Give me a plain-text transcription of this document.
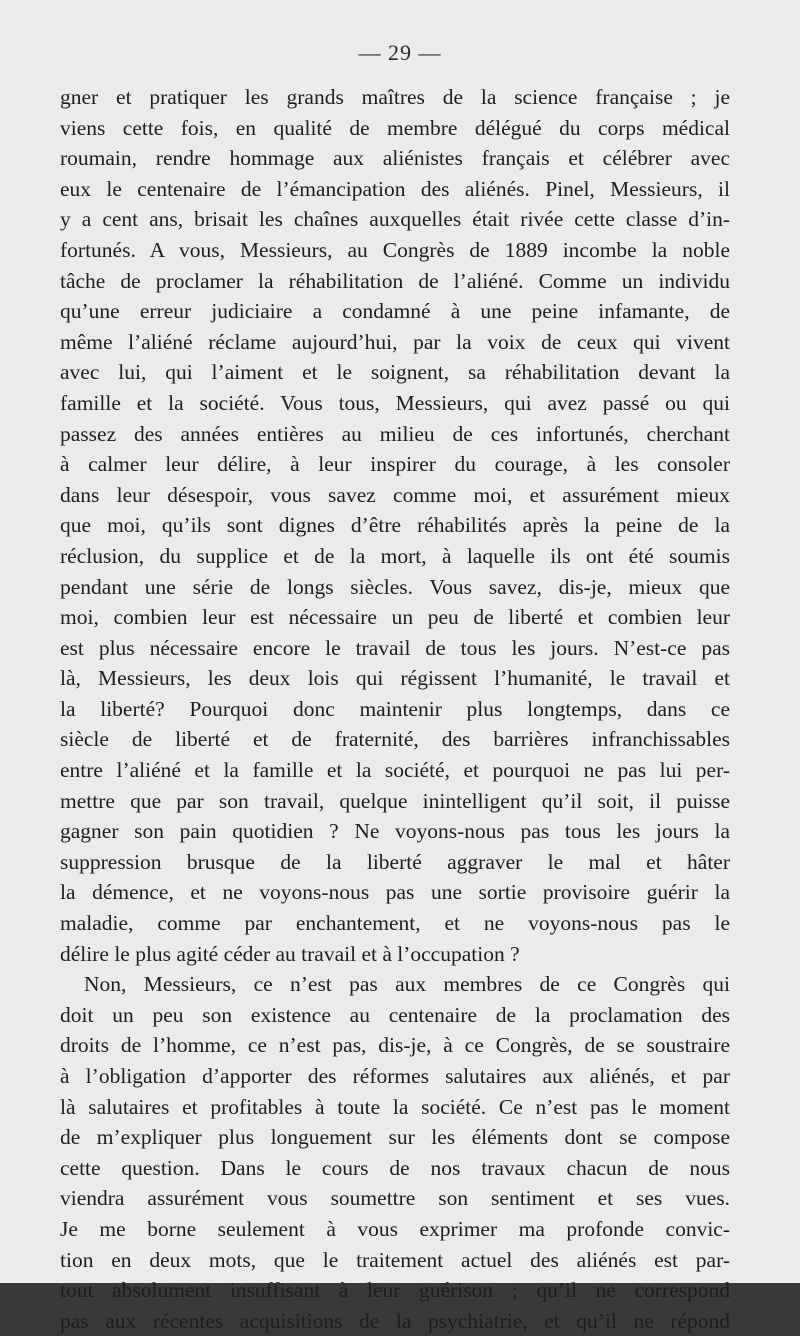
— 29 —
gner et pratiquer les grands maîtres de la science française ; je
viens cette fois, en qualité de membre délégué du corps médical
roumain, rendre hommage aux aliénistes français et célébrer avec
eux le centenaire de l’émancipation des aliénés. Pinel, Messieurs, il
y a cent ans, brisait les chaînes auxquelles était rivée cette classe d’in-
fortunés. A vous, Messieurs, au Congrès de 1889 incombe la noble
tâche de proclamer la réhabilitation de l’aliéné. Comme un individu
qu’une erreur judiciaire a condamné à une peine infamante, de
même l’aliéné réclame aujourd’hui, par la voix de ceux qui vivent
avec lui, qui l’aiment et le soignent, sa réhabilitation devant la
famille et la société. Vous tous, Messieurs, qui avez passé ou qui
passez des années entières au milieu de ces infortunés, cherchant
à calmer leur délire, à leur inspirer du courage, à les consoler
dans leur désespoir, vous savez comme moi, et assurément mieux
que moi, qu’ils sont dignes d’être réhabilités après la peine de la
réclusion, du supplice et de la mort, à laquelle ils ont été soumis
pendant une série de longs siècles. Vous savez, dis-je, mieux que
moi, combien leur est nécessaire un peu de liberté et combien leur
est plus nécessaire encore le travail de tous les jours. N’est-ce pas
là, Messieurs, les deux lois qui régissent l’humanité, le travail et
la liberté? Pourquoi donc maintenir plus longtemps, dans ce
siècle de liberté et de fraternité, des barrières infranchissables
entre l’aliéné et la famille et la société, et pourquoi ne pas lui per-
mettre que par son travail, quelque inintelligent qu’il soit, il puisse
gagner son pain quotidien ? Ne voyons-nous pas tous les jours la
suppression brusque de la liberté aggraver le mal et hâter
la démence, et ne voyons-nous pas une sortie provisoire guérir la
maladie, comme par enchantement, et ne voyons-nous pas le
délire le plus agité céder au travail et à l’occupation ?
Non, Messieurs, ce n’est pas aux membres de ce Congrès qui
doit un peu son existence au centenaire de la proclamation des
droits de l’homme, ce n’est pas, dis-je, à ce Congrès, de se soustraire
à l’obligation d’apporter des réformes salutaires aux aliénés, et par
là salutaires et profitables à toute la société. Ce n’est pas le moment
de m’expliquer plus longuement sur les éléments dont se compose
cette question. Dans le cours de nos travaux chacun de nous
viendra assurément vous soumettre son sentiment et ses vues.
Je me borne seulement à vous exprimer ma profonde convic-
tion en deux mots, que le traitement actuel des aliénés est par-
tout absolument insuffisant à leur guérison ; qu’il ne correspond
pas aux récentes acquisitions de la psychiatrie, et qu’il ne répond
